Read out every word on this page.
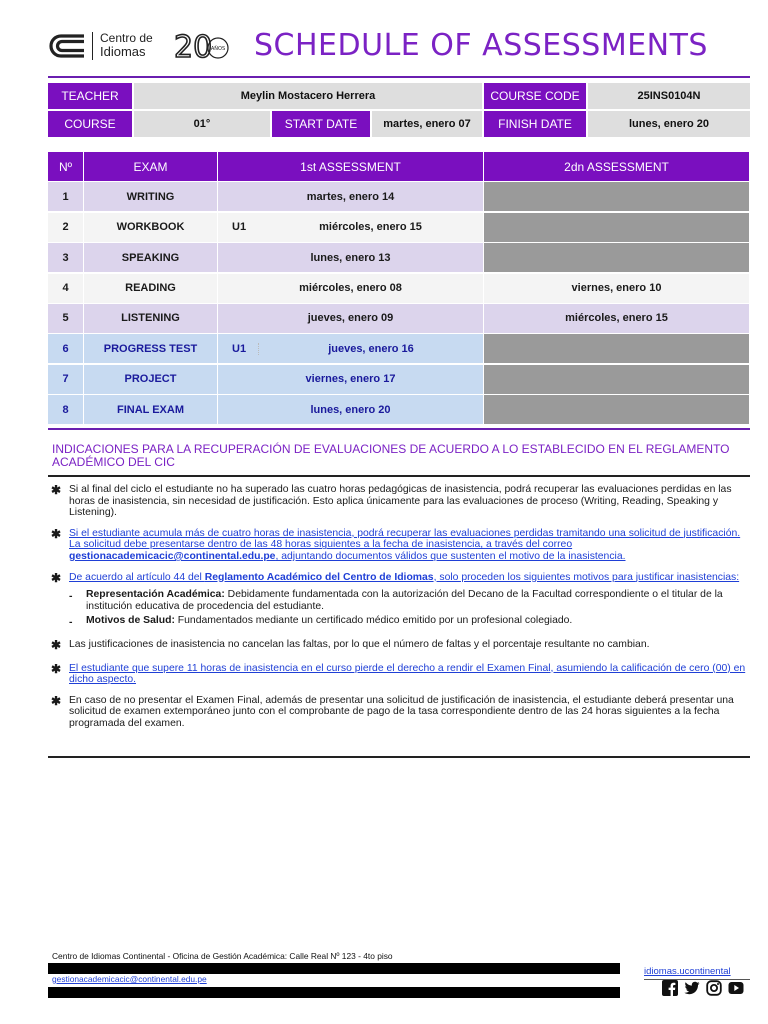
Centro de
Idiomas 20
AÑOS SCHEDULE OF ASSESSMENTS
TEACHER	Meylin Mostacero Herrera	COURSE CODE	25INS0104N
COURSE	01°	START DATE	martes, enero 07	FINISH DATE	lunes, enero 20
Nº	EXAM	1st ASSESSMENT	2dn ASSESSMENT
1	WRITING	martes, enero 14
2	WORKBOOK	U1	miércoles, enero 15
3	SPEAKING	lunes, enero 13
4	READING	miércoles, enero 08	viernes, enero 10
5	LISTENING	jueves, enero 09	miércoles, enero 15
6	PROGRESS TEST	U1	jueves, enero 16
7	PROJECT	viernes, enero 17
8	FINAL EXAM	lunes, enero 20
INDICACIONES PARA LA RECUPERACIÓN DE EVALUACIONES DE ACUERDO A LO ESTABLECIDO EN EL REGLAMENTO ACADÉMICO DEL CIC
✱ Si al final del ciclo el estudiante no ha superado las cuatro horas pedagógicas de inasistencia, podrá recuperar las evaluaciones perdidas en las horas de inasistencia, sin necesidad de justificación. Esto aplica únicamente para las evaluaciones de proceso (Writing, Reading, Speaking y Listening).
✱ Si el estudiante acumula más de cuatro horas de inasistencia, podrá recuperar las evaluaciones perdidas tramitando una solicitud de justificación. La solicitud debe presentarse dentro de las 48 horas siguientes a la fecha de inasistencia, a través del correo gestionacademicacic@continental.edu.pe, adjuntando documentos válidos que sustenten el motivo de la inasistencia.
✱ De acuerdo al artículo 44 del Reglamento Académico del Centro de Idiomas, solo proceden los siguientes motivos para justificar inasistencias:
- Representación Académica: Debidamente fundamentada con la autorización del Decano de la Facultad correspondiente o el titular de la institución educativa de procedencia del estudiante.
- Motivos de Salud: Fundamentados mediante un certificado médico emitido por un profesional colegiado.
✱ Las justificaciones de inasistencia no cancelan las faltas, por lo que el número de faltas y el porcentaje resultante no cambian.
✱ El estudiante que supere 11 horas de inasistencia en el curso pierde el derecho a rendir el Examen Final, asumiendo la calificación de cero (00) en dicho aspecto.
✱ En caso de no presentar el Examen Final, además de presentar una solicitud de justificación de inasistencia, el estudiante deberá presentar una solicitud de examen extemporáneo junto con el comprobante de pago de la tasa correspondiente dentro de las 24 horas siguientes a la fecha programada del examen.
Centro de Idiomas Continental - Oficina de Gestión Académica: Calle Real Nº 123 - 4to piso
gestionacademicacic@continental.edu.pe
idiomas.ucontinental
